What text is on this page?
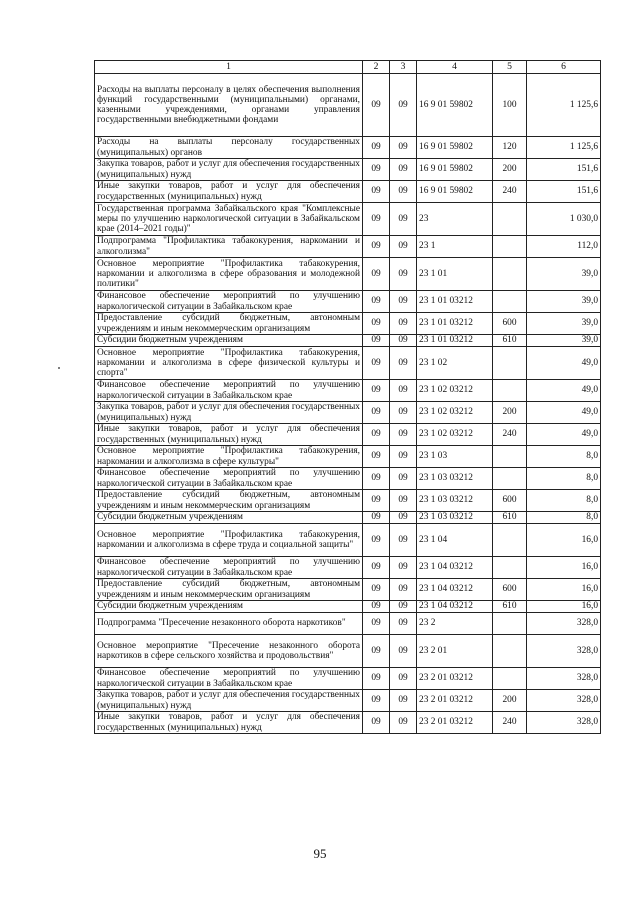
1	2	3	4	5	6
Расходы на выплаты персоналу в целях обеспечения выполнения функций государственными (муниципальными) органами, казенными учреждениями, органами управления государственными внебюджетными фондами	09	09	16 9 01 59802	100	1 125,6
Расходы на выплаты персоналу государственных (муниципальных) органов	09	09	16 9 01 59802	120	1 125,6
Закупка товаров, работ и услуг для обеспечения государственных (муниципальных) нужд	09	09	16 9 01 59802	200	151,6
Иные закупки товаров, работ и услуг для обеспечения государственных (муниципальных) нужд	09	09	16 9 01 59802	240	151,6
Государственная программа Забайкальского края "Комплексные меры по улучшению наркологической ситуации в Забайкальском крае (2014–2021 годы)"	09	09	23		1 030,0
Подпрограмма "Профилактика табакокурения, наркомании и алкоголизма"	09	09	23 1		112,0
Основное мероприятие "Профилактика табакокурения, наркомании и алкоголизма в сфере образования и молодежной политики"	09	09	23 1 01		39,0
Финансовое обеспечение мероприятий по улучшению наркологической ситуации в Забайкальском крае	09	09	23 1 01 03212		39,0
Предоставление субсидий бюджетным, автономным учреждениям и иным некоммерческим организациям	09	09	23 1 01 03212	600	39,0
Субсидии бюджетным учреждениям	09	09	23 1 01 03212	610	39,0
Основное мероприятие "Профилактика табакокурения, наркомании и алкоголизма в сфере физической культуры и спорта"	09	09	23 1 02		49,0
Финансовое обеспечение мероприятий по улучшению наркологической ситуации в Забайкальском крае	09	09	23 1 02 03212		49,0
Закупка товаров, работ и услуг для обеспечения государственных (муниципальных) нужд	09	09	23 1 02 03212	200	49,0
Иные закупки товаров, работ и услуг для обеспечения государственных (муниципальных) нужд	09	09	23 1 02 03212	240	49,0
Основное мероприятие "Профилактика табакокурения, наркомании и алкоголизма в сфере культуры"	09	09	23 1 03		8,0
Финансовое обеспечение мероприятий по улучшению наркологической ситуации в Забайкальском крае	09	09	23 1 03 03212		8,0
Предоставление субсидий бюджетным, автономным учреждениям и иным некоммерческим организациям	09	09	23 1 03 03212	600	8,0
Субсидии бюджетным учреждениям	09	09	23 1 03 03212	610	8,0
Основное мероприятие "Профилактика табакокурения, наркомании и алкоголизма в сфере труда и социальной защиты"	09	09	23 1 04		16,0
Финансовое обеспечение мероприятий по улучшению наркологической ситуации в Забайкальском крае	09	09	23 1 04 03212		16,0
Предоставление субсидий бюджетным, автономным учреждениям и иным некоммерческим организациям	09	09	23 1 04 03212	600	16,0
Субсидии бюджетным учреждениям	09	09	23 1 04 03212	610	16,0
Подпрограмма "Пресечение незаконного оборота наркотиков"	09	09	23 2		328,0
Основное мероприятие "Пресечение незаконного оборота наркотиков в сфере сельского хозяйства и продовольствия"	09	09	23 2 01		328,0
Финансовое обеспечение мероприятий по улучшению наркологической ситуации в Забайкальском крае	09	09	23 2 01 03212		328,0
Закупка товаров, работ и услуг для обеспечения государственных (муниципальных) нужд	09	09	23 2 01 03212	200	328,0
Иные закупки товаров, работ и услуг для обеспечения государственных (муниципальных) нужд	09	09	23 2 01 03212	240	328,0
95
